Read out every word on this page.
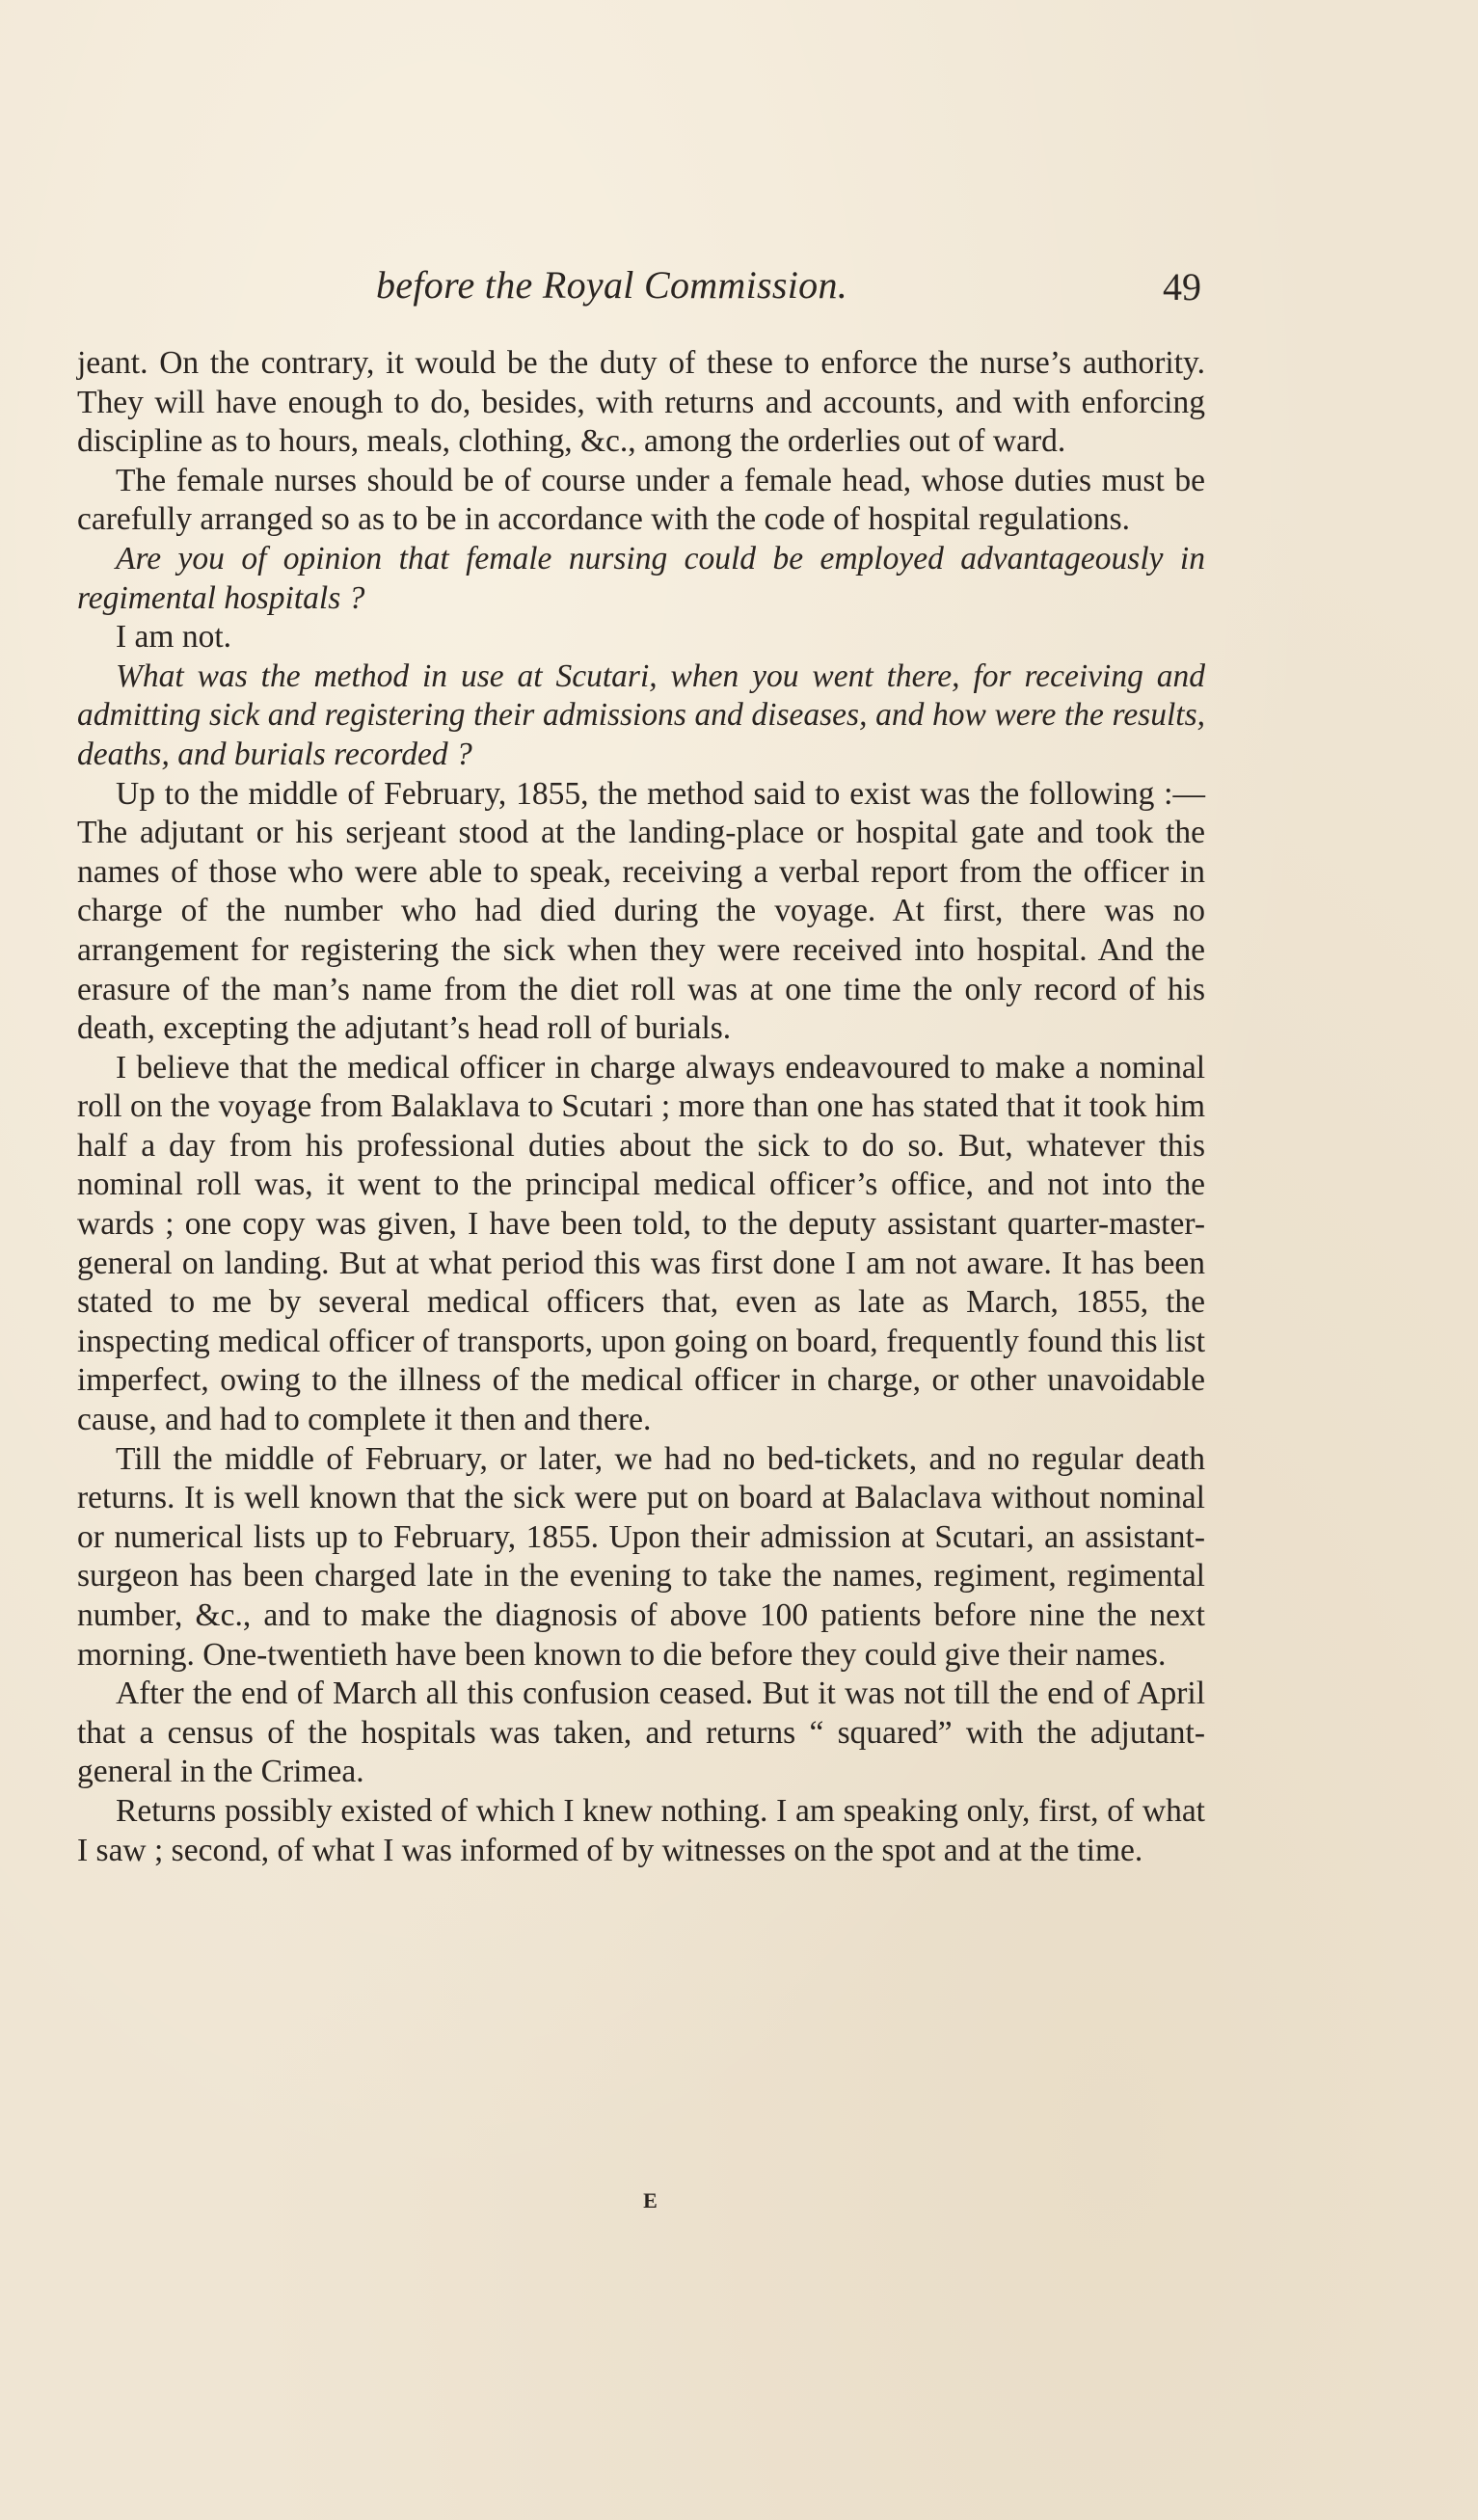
before the Royal Commission.	49

jeant. On the contrary, it would be the duty of these to enforce the nurse’s authority. They will have enough to do, besides, with returns and accounts, and with enforcing discipline as to hours, meals, clothing, &c., among the orderlies out of ward.

The female nurses should be of course under a female head, whose duties must be carefully arranged so as to be in accordance with the code of hospital regulations.

Are you of opinion that female nursing could be employed advantageously in regimental hospitals ?

I am not.

What was the method in use at Scutari, when you went there, for receiving and admitting sick and registering their admissions and diseases, and how were the results, deaths, and burials recorded ?

Up to the middle of February, 1855, the method said to exist was the following :—The adjutant or his serjeant stood at the landing-place or hospital gate and took the names of those who were able to speak, receiving a verbal report from the officer in charge of the number who had died during the voyage. At first, there was no arrangement for registering the sick when they were received into hospital. And the erasure of the man’s name from the diet roll was at one time the only record of his death, excepting the adjutant’s head roll of burials.

I believe that the medical officer in charge always endeavoured to make a nominal roll on the voyage from Balaklava to Scutari ; more than one has stated that it took him half a day from his professional duties about the sick to do so. But, whatever this nominal roll was, it went to the principal medical officer’s office, and not into the wards ; one copy was given, I have been told, to the deputy assistant quarter-master-general on landing. But at what period this was first done I am not aware. It has been stated to me by several medical officers that, even as late as March, 1855, the inspecting medical officer of transports, upon going on board, frequently found this list imperfect, owing to the illness of the medical officer in charge, or other unavoidable cause, and had to complete it then and there.

Till the middle of February, or later, we had no bed-tickets, and no regular death returns. It is well known that the sick were put on board at Balaclava without nominal or numerical lists up to February, 1855. Upon their admission at Scutari, an assistant-surgeon has been charged late in the evening to take the names, regiment, regimental number, &c., and to make the diagnosis of above 100 patients before nine the next morning. One-twentieth have been known to die before they could give their names.

After the end of March all this confusion ceased. But it was not till the end of April that a census of the hospitals was taken, and returns “ squared” with the adjutant-general in the Crimea.

Returns possibly existed of which I knew nothing. I am speaking only, first, of what I saw ; second, of what I was informed of by witnesses on the spot and at the time.

E
